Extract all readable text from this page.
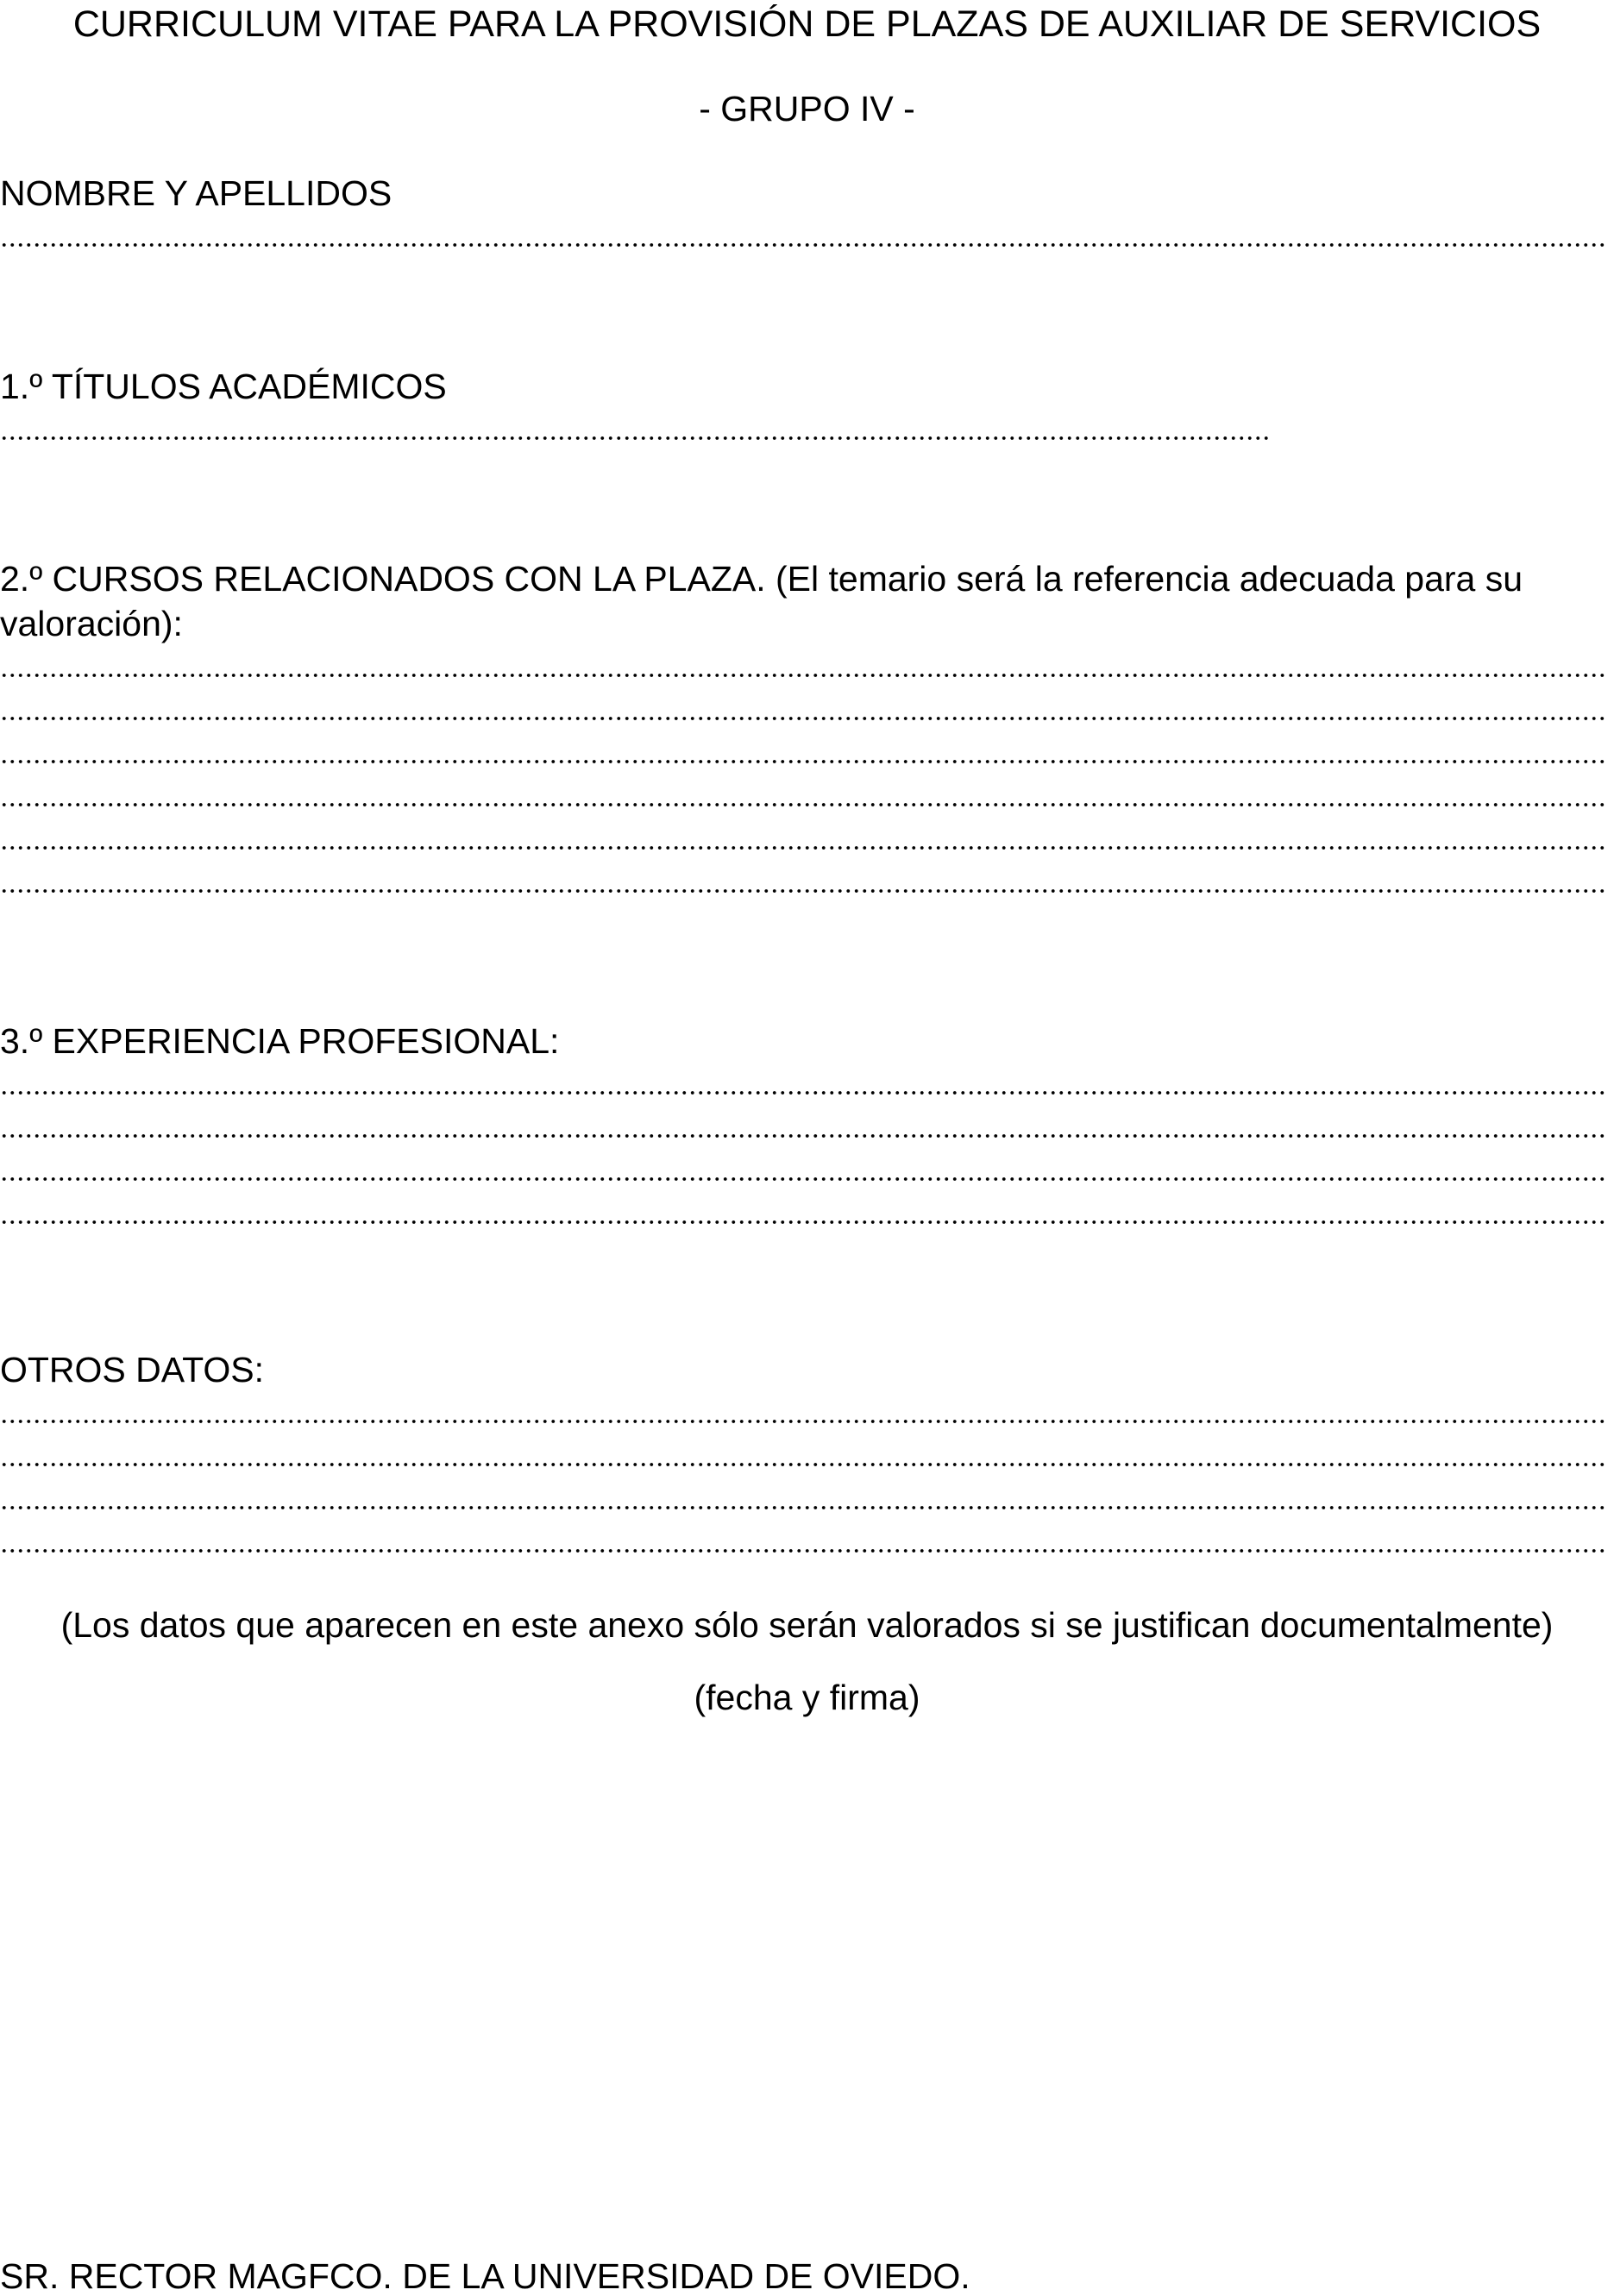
CURRICULUM VITAE PARA LA PROVISIÓN DE PLAZAS DE AUXILIAR DE SERVICIOS
- GRUPO IV -
NOMBRE Y APELLIDOS
1.º TÍTULOS ACADÉMICOS
2.º CURSOS RELACIONADOS CON LA PLAZA. (El temario será la referencia adecuada para su
valoración):
3.º EXPERIENCIA PROFESIONAL:
OTROS DATOS:
(Los datos que aparecen en este anexo sólo serán valorados si se justifican documentalmente)
(fecha y firma)
SR. RECTOR MAGFCO. DE LA UNIVERSIDAD DE OVIEDO.
